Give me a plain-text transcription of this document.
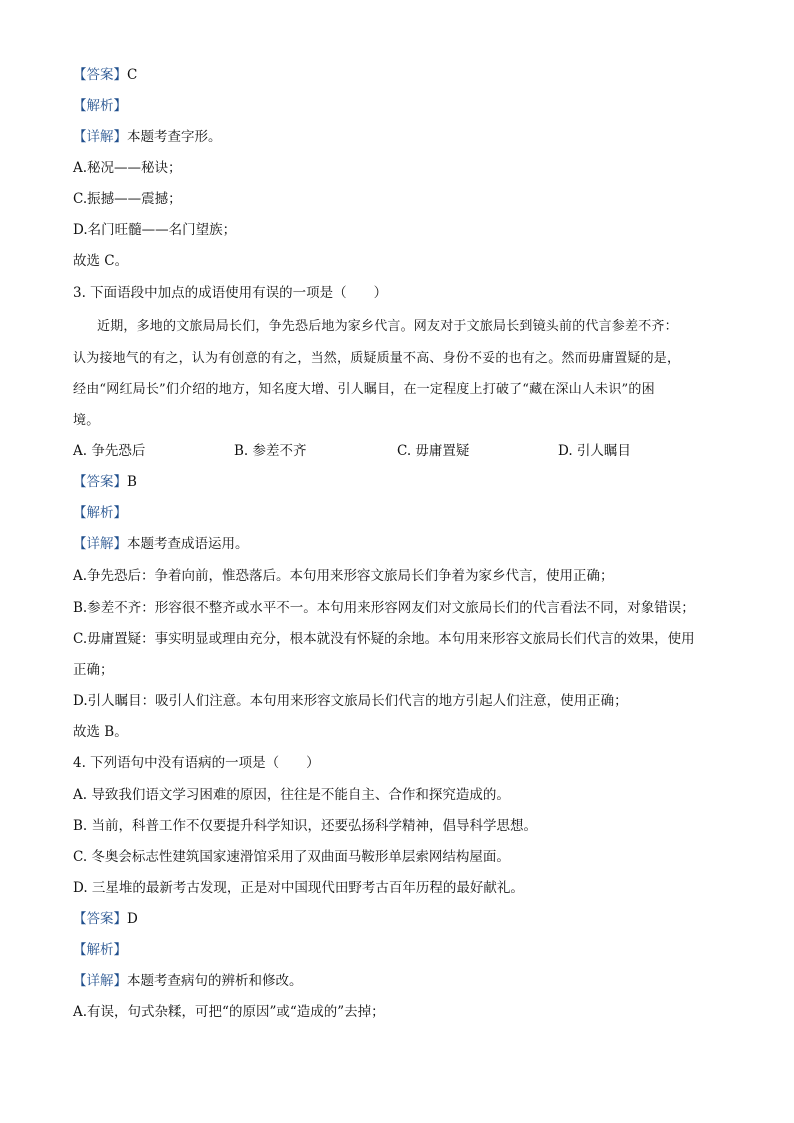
【答案】C
【解析】
【详解】本题考查字形。
A.秘况——秘诀；
C.振撼——震撼；
D.名门旺髓——名门望族；
故选 C。
3. 下面语段中加点的成语使用有误的一项是（　　）
近期，多地的文旅局局长们，争先恐后地为家乡代言。网友对于文旅局长到镜头前的代言参差不齐：
认为接地气的有之，认为有创意的有之，当然，质疑质量不高、身份不妥的也有之。然而毋庸置疑的是，
经由“网红局长”们介绍的地方，知名度大增、引人瞩目，在一定程度上打破了“藏在深山人未识”的困
境。
A. 争先恐后	B. 参差不齐	C. 毋庸置疑	D. 引人瞩目
【答案】B
【解析】
【详解】本题考查成语运用。
A.争先恐后：争着向前，惟恐落后。本句用来形容文旅局长们争着为家乡代言，使用正确；
B.参差不齐：形容很不整齐或水平不一。本句用来形容网友们对文旅局长们的代言看法不同，对象错误；
C.毋庸置疑：事实明显或理由充分，根本就没有怀疑的余地。本句用来形容文旅局长们代言的效果，使用
正确；
D.引人瞩目：吸引人们注意。本句用来形容文旅局长们代言的地方引起人们注意，使用正确；
故选 B。
4. 下列语句中没有语病的一项是（　　）
A. 导致我们语文学习困难的原因，往往是不能自主、合作和探究造成的。
B. 当前，科普工作不仅要提升科学知识，还要弘扬科学精神，倡导科学思想。
C. 冬奥会标志性建筑国家速滑馆采用了双曲面马鞍形单层索网结构屋面。
D. 三星堆的最新考古发现，正是对中国现代田野考古百年历程的最好献礼。
【答案】D
【解析】
【详解】本题考查病句的辨析和修改。
A.有误，句式杂糅，可把“的原因”或“造成的”去掉；
